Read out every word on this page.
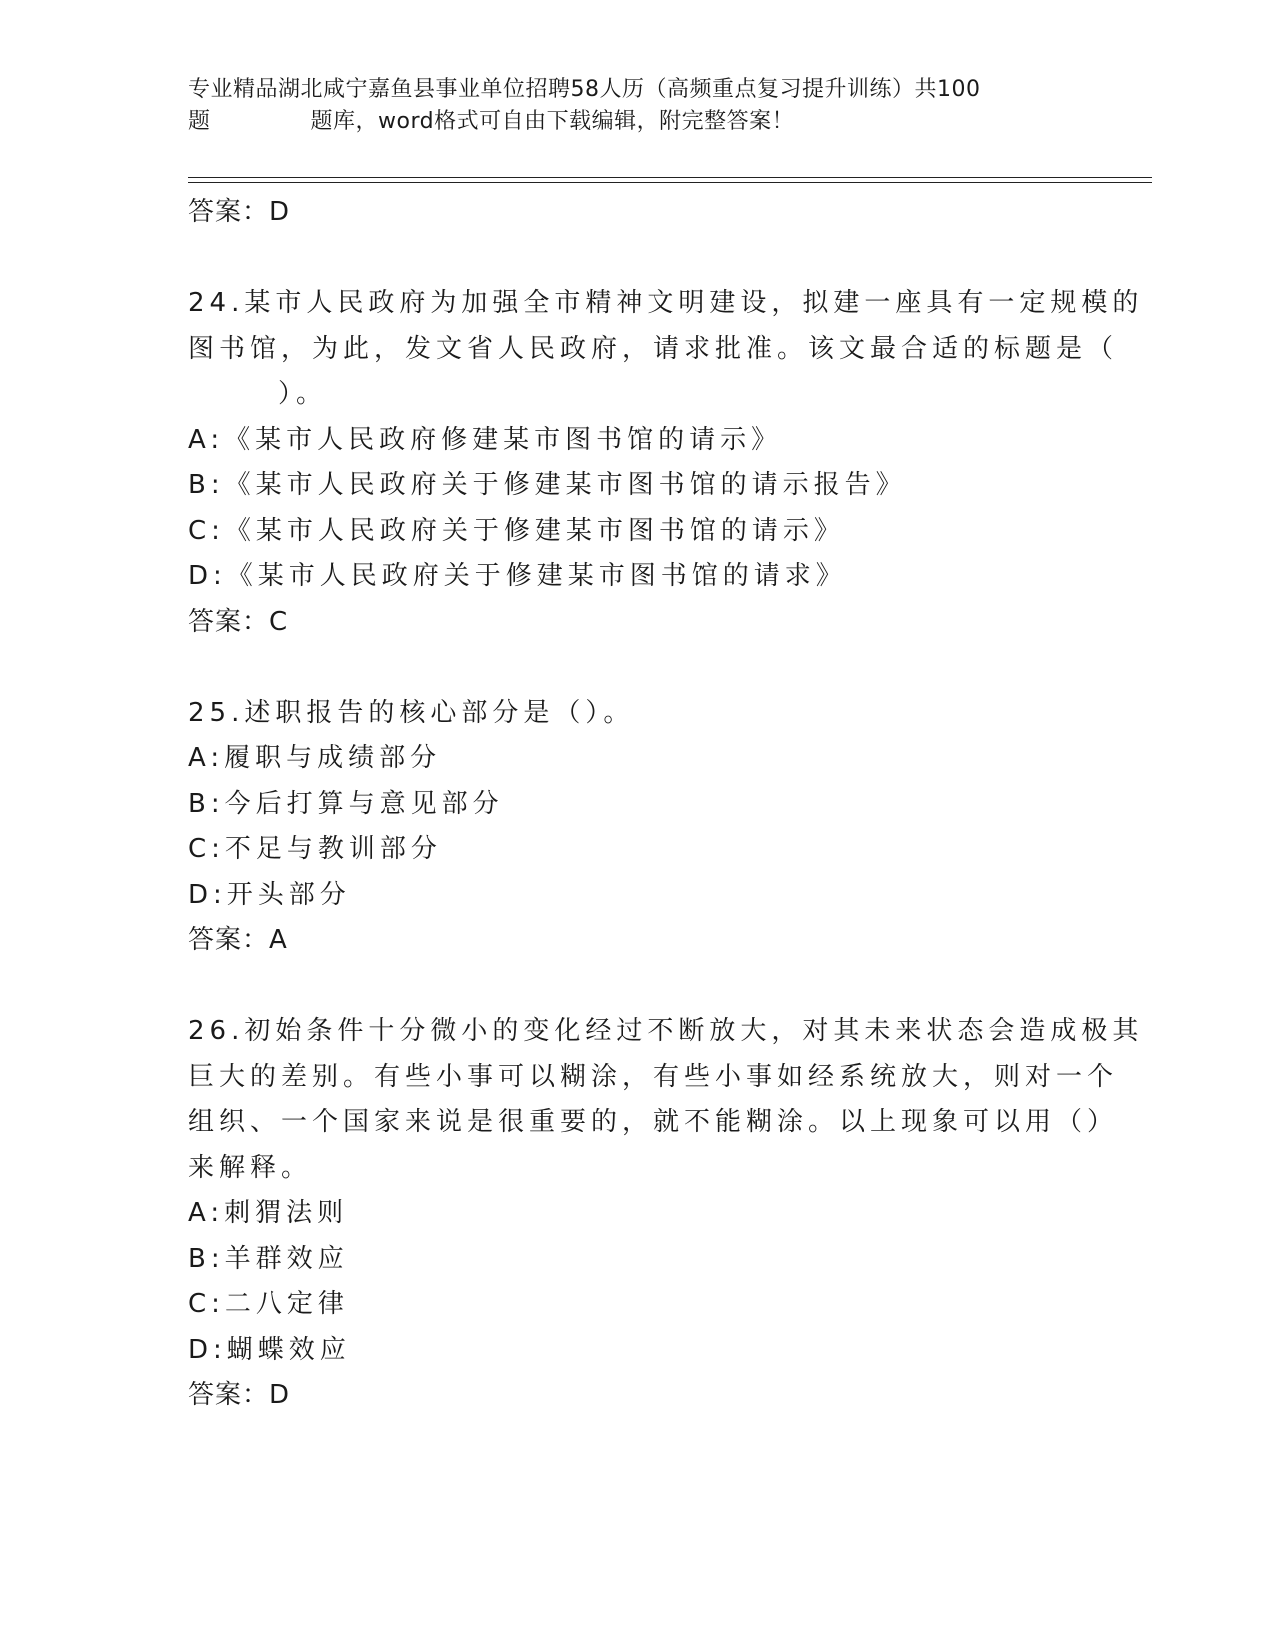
专业精品湖北咸宁嘉鱼县事业单位招聘58人历（高频重点复习提升训练）共100
题	题库，word格式可自由下载编辑，附完整答案！
答案：D
24.某市人民政府为加强全市精神文明建设，拟建一座具有一定规模的
图书馆，为此，发文省人民政府，请求批准。该文最合适的标题是（
）。
A:《某市人民政府修建某市图书馆的请示》
B:《某市人民政府关于修建某市图书馆的请示报告》
C:《某市人民政府关于修建某市图书馆的请示》
D:《某市人民政府关于修建某市图书馆的请求》
答案：C
25.述职报告的核心部分是（）。
A:履职与成绩部分
B:今后打算与意见部分
C:不足与教训部分
D:开头部分
答案：A
26.初始条件十分微小的变化经过不断放大，对其未来状态会造成极其
巨大的差别。有些小事可以糊涂，有些小事如经系统放大，则对一个
组织、一个国家来说是很重要的，就不能糊涂。以上现象可以用（）
来解释。
A:刺猬法则
B:羊群效应
C:二八定律
D:蝴蝶效应
答案：D
